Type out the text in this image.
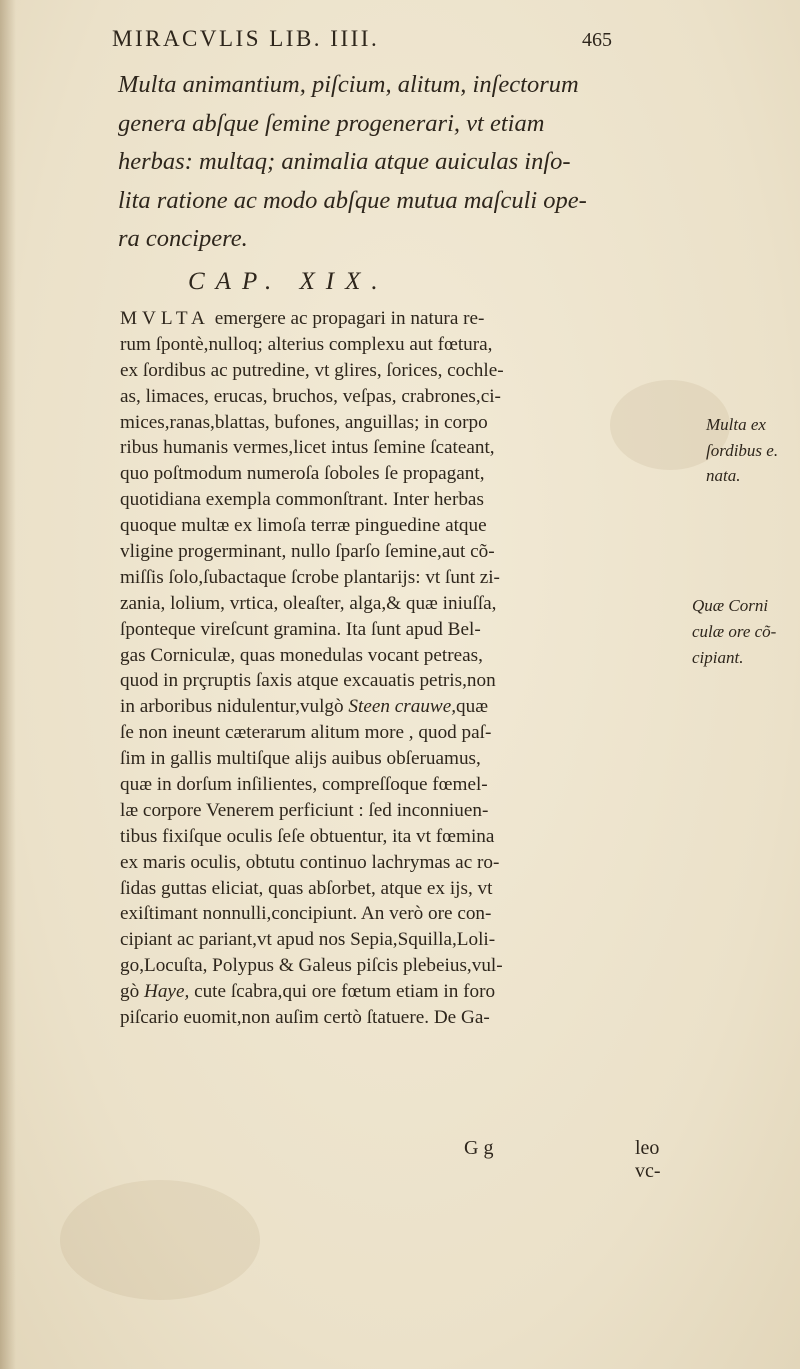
MIRACVLIS LIB. IIII.	465
Multa animantium, piſcium, alitum, inſectorum
genera abſque ſemine progenerari, vt etiam
herbas: multaq; animalia atque auiculas inſo-
lita ratione ac modo abſque mutua maſculi ope-
ra concipere.
CAP. XIX.
MVLTA emergere ac propagari in natura re-
rum ſpontè,nulloq; alterius complexu aut fœtura,
ex ſordibus ac putredine, vt glires, ſorices, cochle-
as, limaces, erucas, bruchos, veſpas, crabrones,ci-
mices,ranas,blattas, bufones, anguillas; in corpo
ribus humanis vermes,licet intus ſemine ſcateant,
quo poſtmodum numeroſa ſoboles ſe propagant,
quotidiana exempla commonſtrant. Inter herbas
quoque multæ ex limoſa terræ pinguedine atque
vligine progerminant, nullo ſparſo ſemine,aut cõ-
miſſis ſolo,ſubactaque ſcrobe plantarijs: vt ſunt zi-
zania, lolium, vrtica, oleaſter, alga,& quæ iniuſſa,
ſponteque vireſcunt gramina. Ita ſunt apud Bel-
gas Corniculæ, quas monedulas vocant petreas,
quod in prçruptis ſaxis atque excauatis petris,non
in arboribus nidulentur,vulgò Steen crauwe,quæ
ſe non ineunt cæterarum alitum more , quod paſ-
ſim in gallis multiſque alijs auibus obſeruamus,
quæ in dorſum inſilientes, compreſſoque fœmel-
læ corpore Venerem perficiunt : ſed inconniuen-
tibus fixiſque oculis ſeſe obtuentur, ita vt fœmina
ex maris oculis, obtutu continuo lachrymas ac ro-
ſidas guttas eliciat, quas abſorbet, atque ex ijs, vt
exiſtimant nonnulli,concipiunt. An verò ore con-
cipiant ac pariant,vt apud nos Sepia,Squilla,Loli-
go,Locuſta, Polypus & Galeus piſcis plebeius,vul-
gò Haye, cute ſcabra,qui ore fœtum etiam in foro
piſcario euomit,non auſim certò ſtatuere. De Ga-
Multa ex
ſordibus e.
nata.
Quæ Corni
culæ ore cõ-
cipiant.
G g	leo vc-
